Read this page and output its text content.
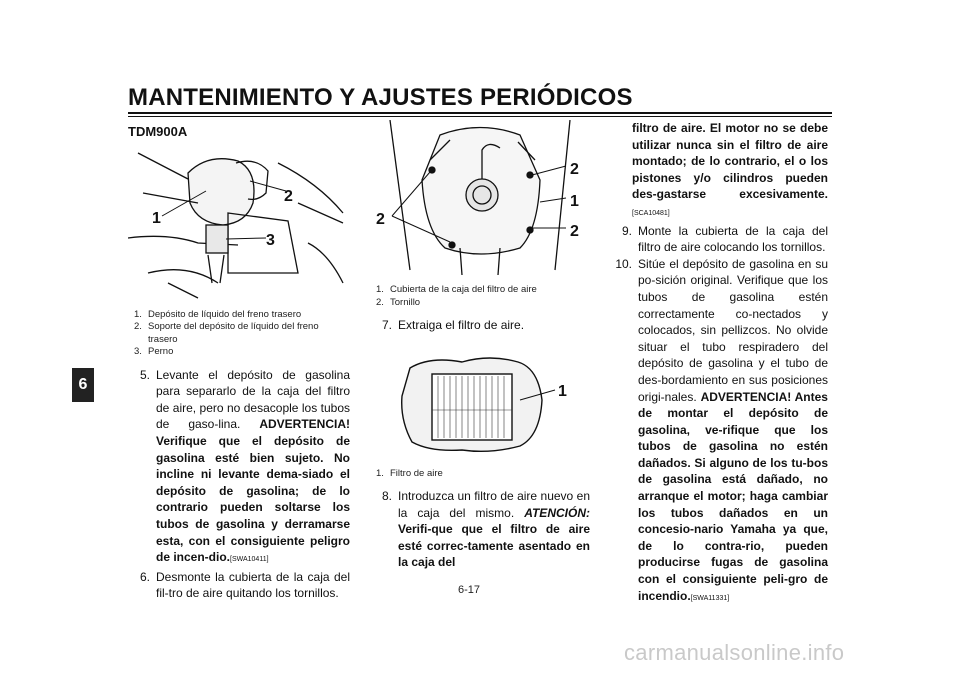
MANTENIMIENTO Y AJUSTES PERIÓDICOS
6
TDM900A
1
2
3
1. Depósito de líquido del freno trasero
2. Soporte del depósito de líquido del freno trasero
3. Perno
5. Levante el depósito de gasolina para separarlo de la caja del filtro de aire, pero no desacople los tubos de gaso-lina. ADVERTENCIA! Verifique que el depósito de gasolina esté bien sujeto. No incline ni levante dema-siado el depósito de gasolina; de lo contrario pueden soltarse los tubos de gasolina y derramarse esta, con el consiguiente peligro de incen-dio.[SWA10411]
6. Desmonte la cubierta de la caja del fil-tro de aire quitando los tornillos.
2
1
2
2
1. Cubierta de la caja del filtro de aire
2. Tornillo
7. Extraiga el filtro de aire.
1
1. Filtro de aire
8. Introduzca un filtro de aire nuevo en la caja del mismo. ATENCIÓN: Verifi-que que el filtro de aire esté correc-tamente asentado en la caja del
filtro de aire. El motor no se debe utilizar nunca sin el filtro de aire montado; de lo contrario, el o los pistones y/o cilindros pueden des-gastarse excesivamente.[SCA10481]
9. Monte la cubierta de la caja del filtro de aire colocando los tornillos.
10. Sitúe el depósito de gasolina en su po-sición original. Verifique que los tubos de gasolina estén correctamente co-nectados y colocados, sin pellizcos. No olvide situar el tubo respiradero del depósito de gasolina y el tubo de des-bordamiento en sus posiciones origi-nales. ADVERTENCIA! Antes de montar el depósito de gasolina, ve-rifique que los tubos de gasolina no estén dañados. Si alguno de los tu-bos de gasolina está dañado, no arranque el motor; haga cambiar los tubos dañados en un concesio-nario Yamaha ya que, de lo contra-rio, pueden producirse fugas de gasolina con el consiguiente peli-gro de incendio.[SWA11331]
6-17
carmanualsonline.info
